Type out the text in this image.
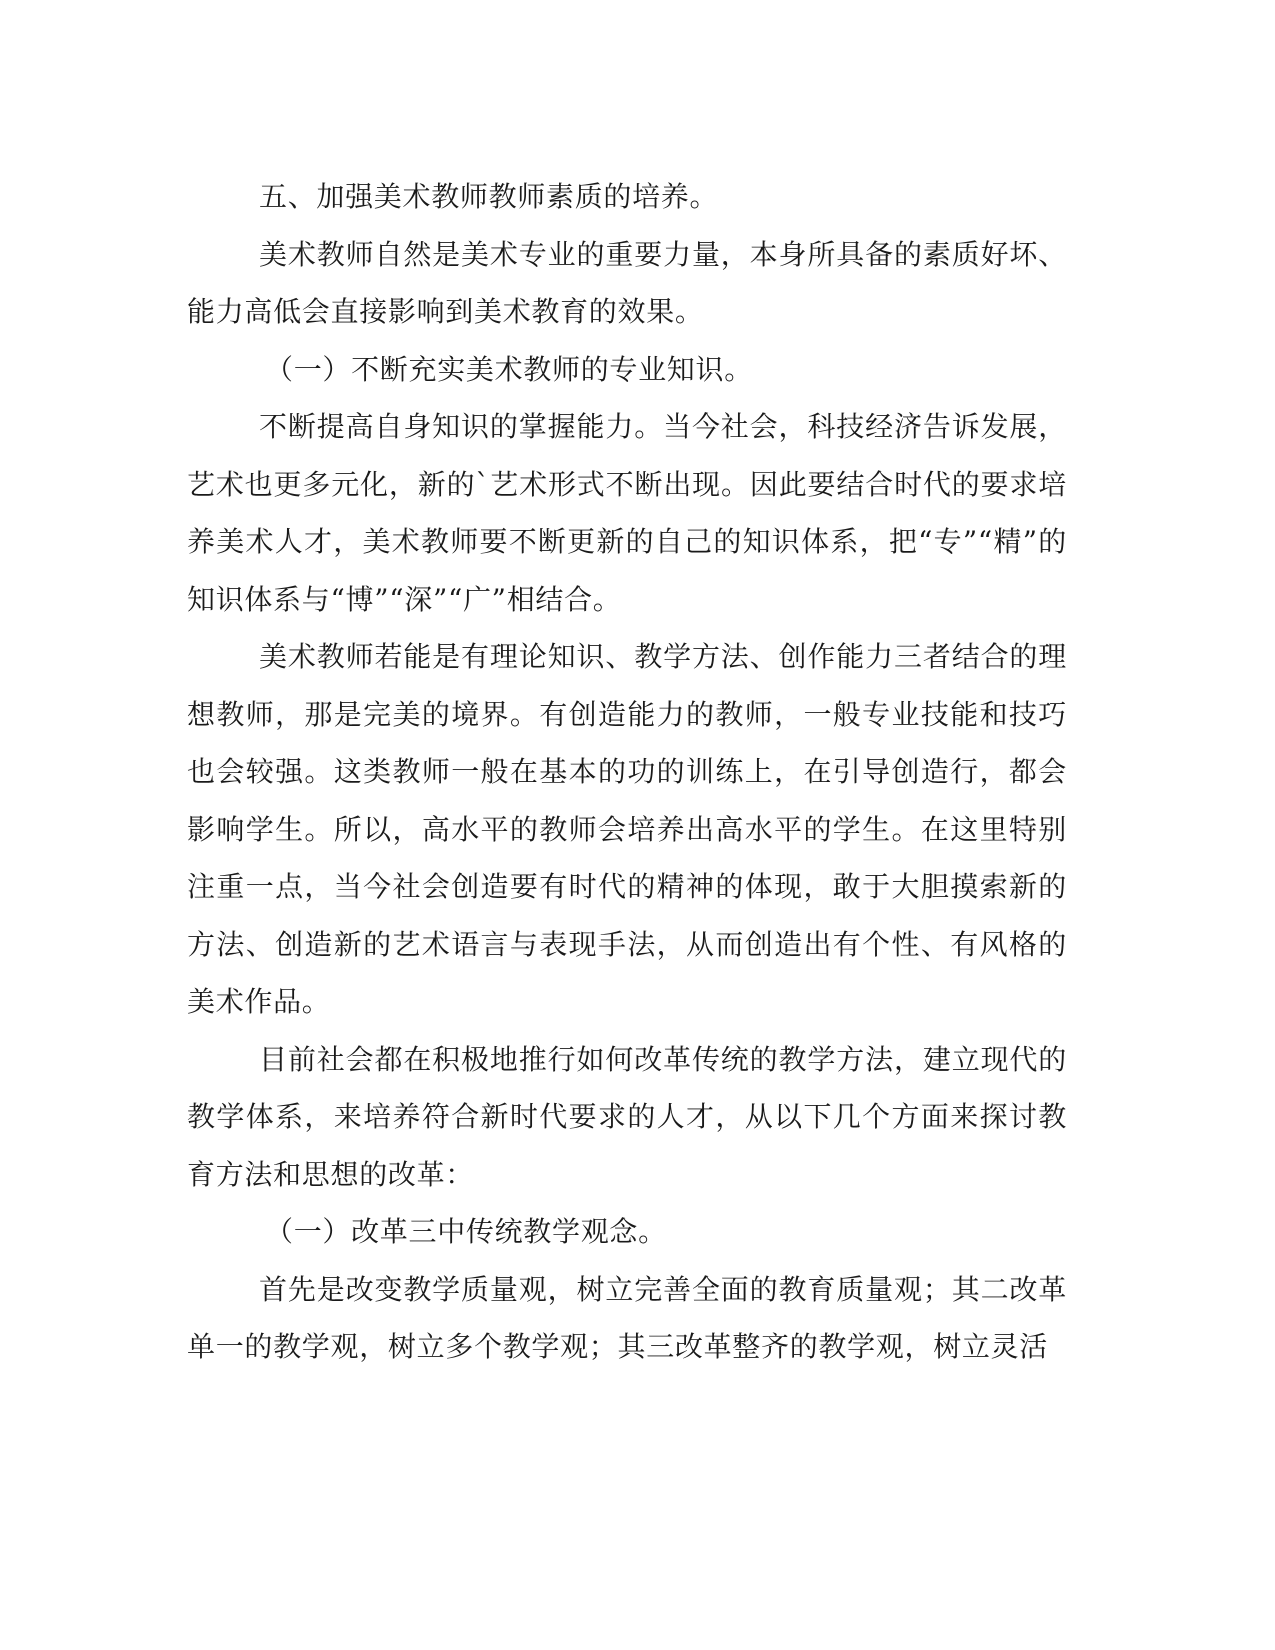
五、加强美术教师教师素质的培养。

美术教师自然是美术专业的重要力量，本身所具备的素质好坏、能力高低会直接影响到美术教育的效果。

（一）不断充实美术教师的专业知识。

不断提高自身知识的掌握能力。当今社会，科技经济告诉发展，艺术也更多元化，新的`艺术形式不断出现。因此要结合时代的要求培养美术人才，美术教师要不断更新的自己的知识体系，把“专”“精”的知识体系与“博”“深”“广”相结合。

美术教师若能是有理论知识、教学方法、创作能力三者结合的理想教师，那是完美的境界。有创造能力的教师，一般专业技能和技巧也会较强。这类教师一般在基本的功的训练上，在引导创造行，都会影响学生。所以，高水平的教师会培养出高水平的学生。在这里特别注重一点，当今社会创造要有时代的精神的体现，敢于大胆摸索新的方法、创造新的艺术语言与表现手法，从而创造出有个性、有风格的美术作品。

目前社会都在积极地推行如何改革传统的教学方法，建立现代的教学体系，来培养符合新时代要求的人才，从以下几个方面来探讨教育方法和思想的改革：

（一）改革三中传统教学观念。

首先是改变教学质量观，树立完善全面的教育质量观；其二改革单一的教学观，树立多个教学观；其三改革整齐的教学观，树立灵活
